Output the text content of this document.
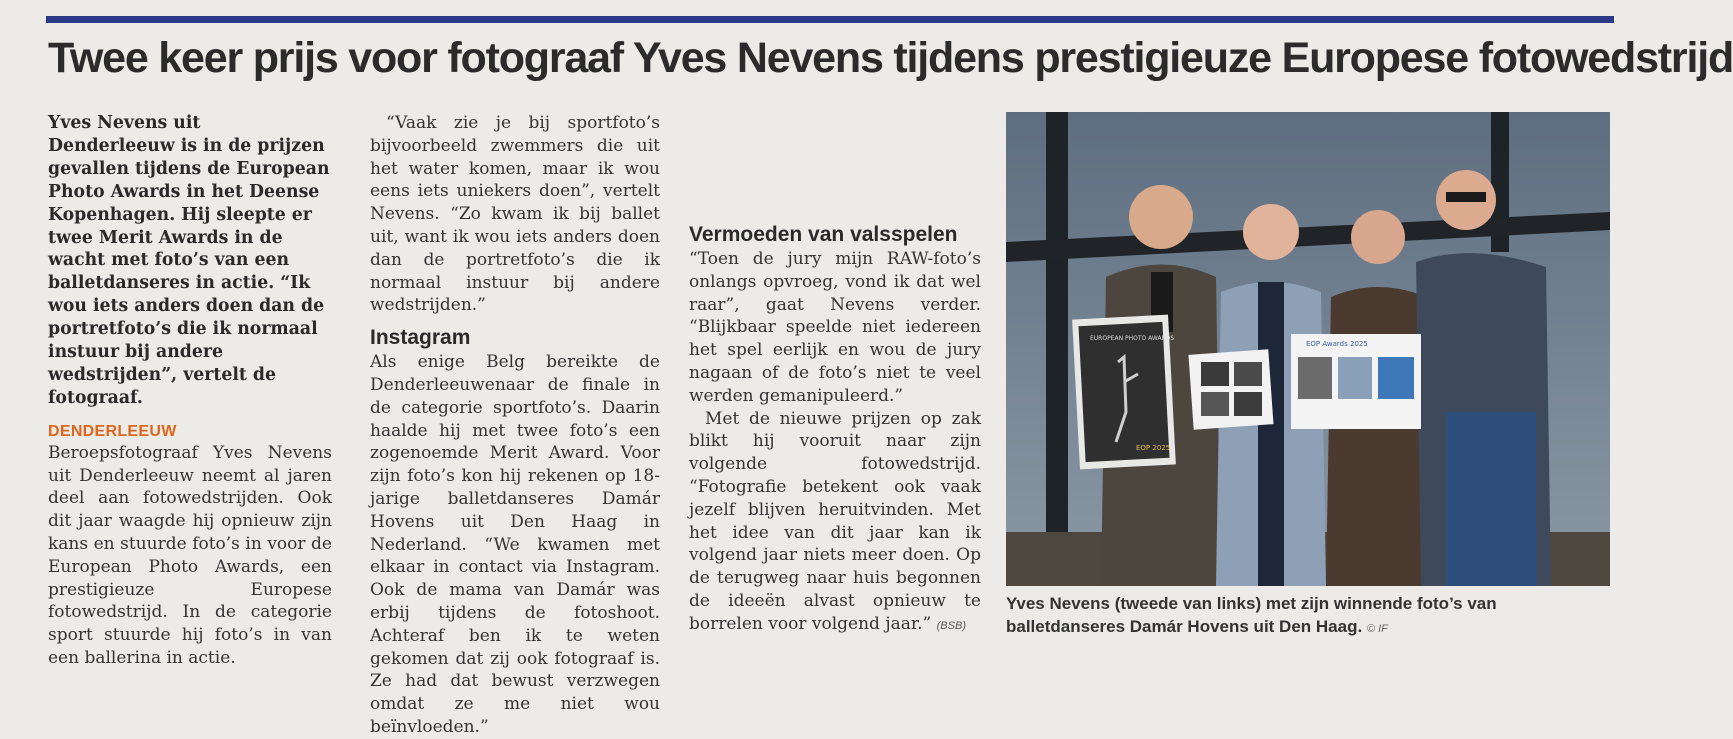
Twee keer prijs voor fotograaf Yves Nevens tijdens prestigieuze Europese fotowedstrijd

Yves Nevens uit Denderleeuw is in de prijzen gevallen tijdens de European Photo Awards in het Deense Kopenhagen. Hij sleepte er twee Merit Awards in de wacht met foto’s van een balletdanseres in actie. “Ik wou iets anders doen dan de portretfoto’s die ik normaal instuur bij andere wedstrijden”, vertelt de fotograaf.

DENDERLEEUW

Beroepsfotograaf Yves Nevens uit Denderleeuw neemt al jaren deel aan fotowedstrijden. Ook dit jaar waagde hij opnieuw zijn kans en stuurde foto’s in voor de European Photo Awards, een prestigieuze Europese fotowedstrijd. In de categorie sport stuurde hij foto’s in van een ballerina in actie.

“Vaak zie je bij sportfoto’s bijvoorbeeld zwemmers die uit het water komen, maar ik wou eens iets uniekers doen”, vertelt Nevens. “Zo kwam ik bij ballet uit, want ik wou iets anders doen dan de portretfoto’s die ik normaal instuur bij andere wedstrijden.”

Instagram

Als enige Belg bereikte de Denderleeuwenaar de finale in de categorie sportfoto’s. Daarin haalde hij met twee foto’s een zogenoemde Merit Award. Voor zijn foto’s kon hij rekenen op 18-jarige balletdanseres Damár Hovens uit Den Haag in Nederland. “We kwamen met elkaar in contact via Instagram. Ook de mama van Damár was erbij tijdens de fotoshoot. Achteraf ben ik te weten gekomen dat zij ook fotograaf is. Ze had dat bewust verzwegen omdat ze me niet wou beïnvloeden.”

Vermoeden van valsspelen

“Toen de jury mijn RAW-foto’s onlangs opvroeg, vond ik dat wel raar”, gaat Nevens verder. “Blijkbaar speelde niet iedereen het spel eerlijk en wou de jury nagaan of de foto’s niet te veel werden gemanipuleerd.”

Met de nieuwe prijzen op zak blikt hij vooruit naar zijn volgende fotowedstrijd. “Fotografie betekent ook vaak jezelf blijven heruitvinden. Met het idee van dit jaar kan ik volgend jaar niets meer doen. Op de terugweg naar huis begonnen de ideeën alvast opnieuw te borrelen voor volgend jaar.” (BSB)

EUROPEAN PHOTO AWARDS
EOP 2025
EOP Awards 2025
Yves Nevens (tweede van links) met zijn winnende foto’s van balletdanseres Damár Hovens uit Den Haag. © IF
